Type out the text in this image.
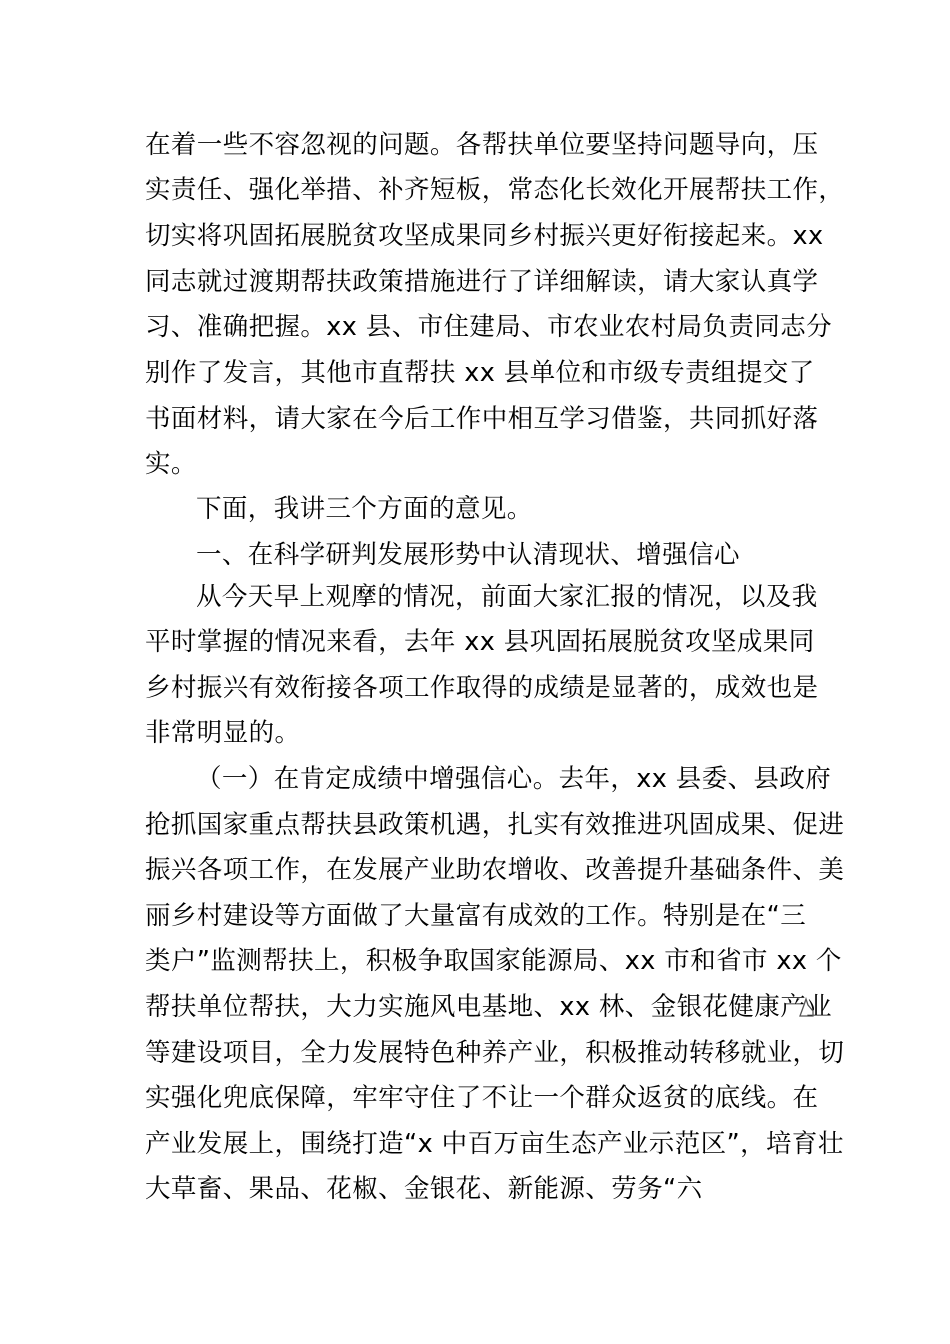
在着一些不容忽视的问题。各帮扶单位要坚持问题导向，压
实责任、强化举措、补齐短板，常态化长效化开展帮扶工作，
切实将巩固拓展脱贫攻坚成果同乡村振兴更好衔接起来。xx
同志就过渡期帮扶政策措施进行了详细解读，请大家认真学
习、准确把握。xx 县、市住建局、市农业农村局负责同志分
别作了发言，其他市直帮扶 xx 县单位和市级专责组提交了
书面材料，请大家在今后工作中相互学习借鉴，共同抓好落
实。
下面，我讲三个方面的意见。
一、在科学研判发展形势中认清现状、增强信心
从今天早上观摩的情况，前面大家汇报的情况，以及我
平时掌握的情况来看，去年 xx 县巩固拓展脱贫攻坚成果同
乡村振兴有效衔接各项工作取得的成绩是显著的，成效也是
非常明显的。
（一）在肯定成绩中增强信心。去年，xx 县委、县政府
抢抓国家重点帮扶县政策机遇，扎实有效推进巩固成果、促进
振兴各项工作，在发展产业助农增收、改善提升基础条件、美
丽乡村建设等方面做了大量富有成效的工作。特别是在“三
类户”监测帮扶上，积极争取国家能源局、xx 市和省市 xx 个
帮扶单位帮扶，大力实施风电基地、xx 林、金银花健康产业
等建设项目，全力发展特色种养产业，积极推动转移就业，切
实强化兜底保障，牢牢守住了不让一个群众返贫的底线。在
产业发展上，围绕打造“x 中百万亩生态产业示范区”，培育壮
大草畜、果品、花椒、金银花、新能源、劳务“六
